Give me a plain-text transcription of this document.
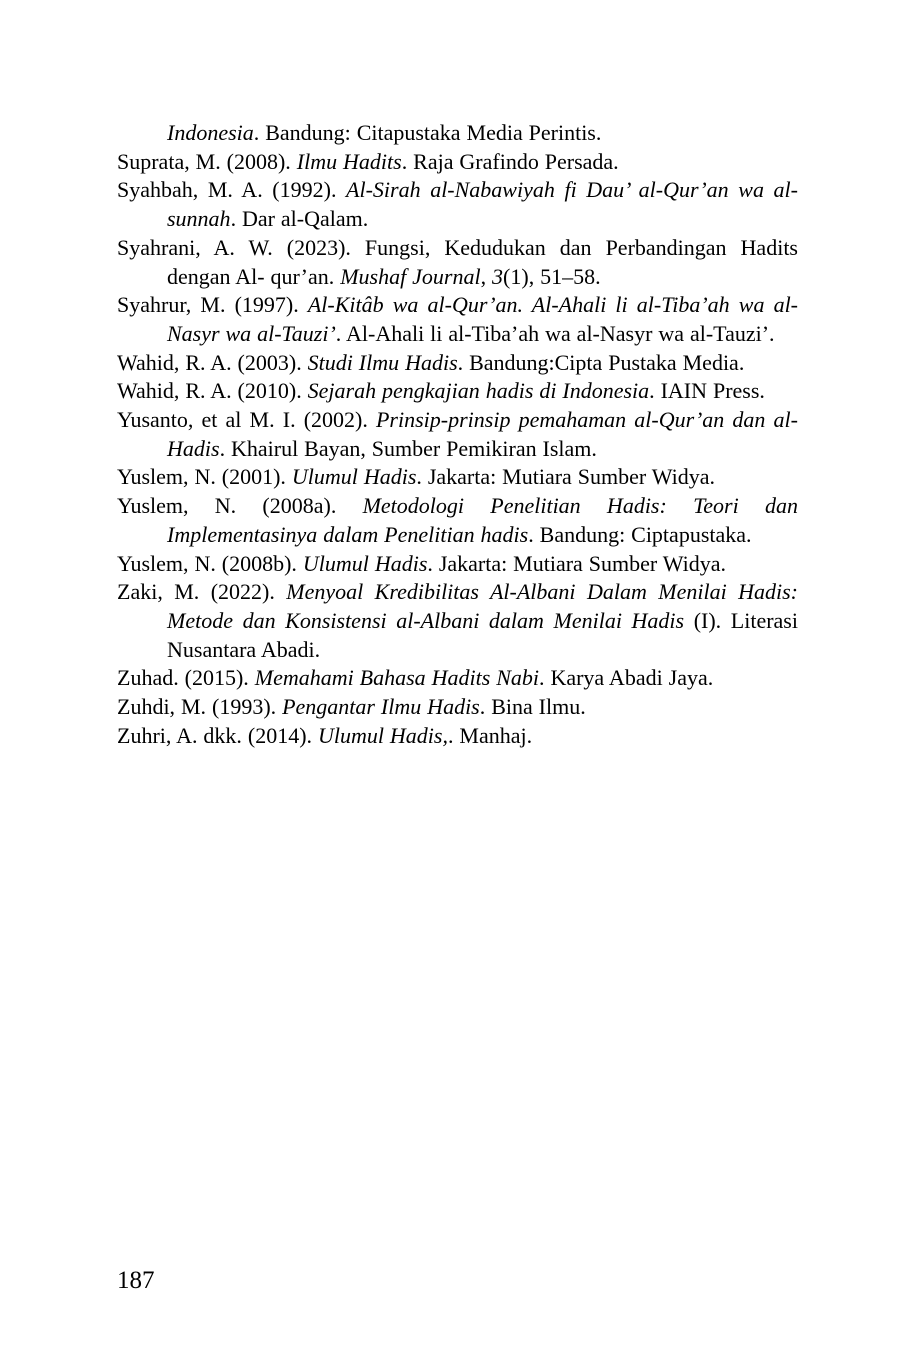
Indonesia. Bandung: Citapustaka Media Perintis.

Suprata, M. (2008). Ilmu Hadits. Raja Grafindo Persada.

Syahbah, M. A. (1992). Al-Sirah al-Nabawiyah fi Dau’ al-Qur’an wa al-sunnah. Dar al-Qalam.

Syahrani, A. W. (2023). Fungsi, Kedudukan dan Perbandingan Hadits dengan Al- qur’an. Mushaf Journal, 3(1), 51–58.

Syahrur, M. (1997). Al-Kitâb wa al-Qur’an. Al-Ahali li al-Tiba’ah wa al-Nasyr wa al-Tauzi’. Al-Ahali li al-Tiba’ah wa al-Nasyr wa al-Tauzi’.

Wahid, R. A. (2003). Studi Ilmu Hadis. Bandung:Cipta Pustaka Media.

Wahid, R. A. (2010). Sejarah pengkajian hadis di Indonesia. IAIN Press.

Yusanto, et al M. I. (2002). Prinsip-prinsip pemahaman al-Qur’an dan al-Hadis. Khairul Bayan, Sumber Pemikiran Islam.

Yuslem, N. (2001). Ulumul Hadis. Jakarta: Mutiara Sumber Widya.

Yuslem, N. (2008a). Metodologi Penelitian Hadis: Teori dan Implementasinya dalam Penelitian hadis. Bandung: Ciptapustaka.

Yuslem, N. (2008b). Ulumul Hadis. Jakarta: Mutiara Sumber Widya.

Zaki, M. (2022). Menyoal Kredibilitas Al-Albani Dalam Menilai Hadis: Metode dan Konsistensi al-Albani dalam Menilai Hadis (I). Literasi Nusantara Abadi.

Zuhad. (2015). Memahami Bahasa Hadits Nabi. Karya Abadi Jaya.

Zuhdi, M. (1993). Pengantar Ilmu Hadis. Bina Ilmu.

Zuhri, A. dkk. (2014). Ulumul Hadis,. Manhaj.

187
